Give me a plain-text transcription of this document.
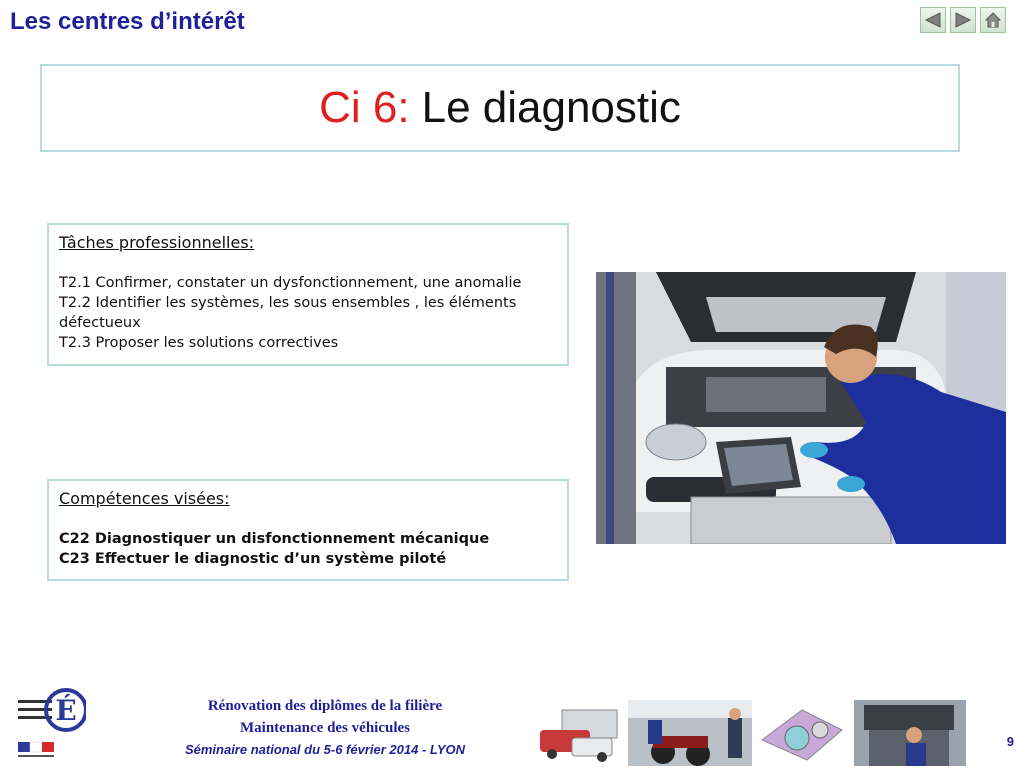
Les centres d’intérêt
Ci 6: Le diagnostic
Tâches professionnelles:
T2.1 Confirmer, constater un dysfonctionnement, une anomalie
T2.2 Identifier les systèmes, les sous ensembles , les éléments défectueux
T2.3 Proposer les solutions correctives
Compétences visées:
C22 Diagnostiquer un disfonctionnement mécanique
C23 Effectuer le diagnostic d’un système piloté
É	Rénovation des diplômes de la filière
Maintenance des véhicules
Séminaire national du 5-6 février 2014 - LYON
9
